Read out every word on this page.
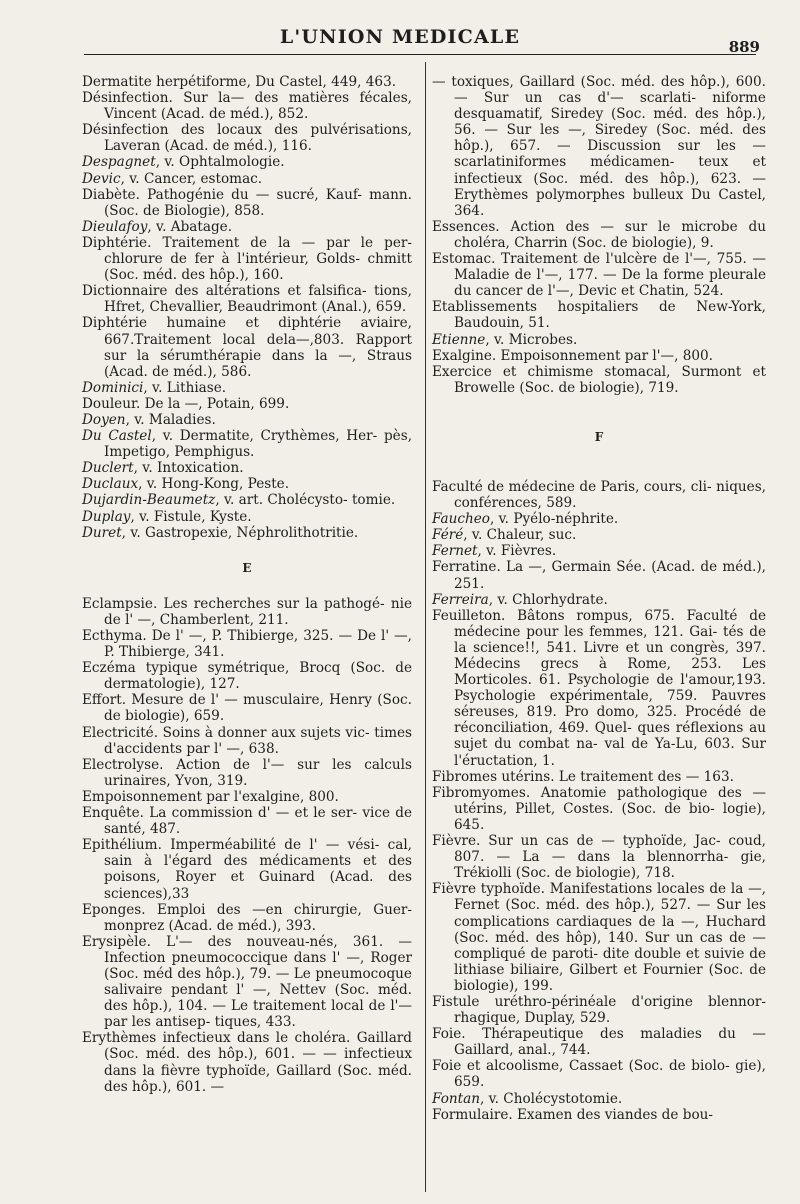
L'UNION MEDICALE	889

Dermatite herpétiforme, Du Castel, 449, 463.

Désinfection. Sur la— des matières fécales, Vincent (Acad. de méd.), 852.

Désinfection des locaux des pulvérisations, Laveran (Acad. de méd.), 116.

Despagnet, v. Ophtalmologie.

Devic, v. Cancer, estomac.

Diabète. Pathogénie du — sucré, Kauf- mann. (Soc. de Biologie), 858.

Dieulafoy, v. Abatage.

Diphtérie. Traitement de la — par le per- chlorure de fer à l'intérieur, Golds- chmitt (Soc. méd. des hôp.), 160.

Dictionnaire des altérations et falsifica- tions, Hfret, Chevallier, Beaudrimont (Anal.), 659.

Diphtérie humaine et diphtérie aviaire, 667.Traitement local dela—,803. Rapport sur la sérumthérapie dans la —, Straus (Acad. de méd.), 586.

Dominici, v. Lithiase.

Douleur. De la —, Potain, 699.

Doyen, v. Maladies.

Du Castel, v. Dermatite, Crythèmes, Her- pès, Impetigo, Pemphigus.

Duclert, v. Intoxication.

Duclaux, v. Hong-Kong, Peste.

Dujardin-Beaumetz, v. art. Cholécysto- tomie.

Duplay, v. Fistule, Kyste.

Duret, v. Gastropexie, Néphrolithotritie.

E

Eclampsie. Les recherches sur la pathogé- nie de l' —, Chamberlent, 211.

Ecthyma. De l' —, P. Thibierge, 325. — De l' —, P. Thibierge, 341.

Eczéma typique symétrique, Brocq (Soc. de dermatologie), 127.

Effort. Mesure de l' — musculaire, Henry (Soc. de biologie), 659.

Electricité. Soins à donner aux sujets vic- times d'accidents par l' —, 638.

Electrolyse. Action de l'— sur les calculs urinaires, Yvon, 319.

Empoisonnement par l'exalgine, 800.

Enquête. La commission d' — et le ser- vice de santé, 487.

Epithélium. Imperméabilité de l' — vési- cal, sain à l'égard des médicaments et des poisons, Royer et Guinard (Acad. des sciences),33

Eponges. Emploi des —en chirurgie, Guer- monprez (Acad. de méd.), 393.

Erysipèle. L'— des nouveau-nés, 361. — Infection pneumococcique dans l' —, Roger (Soc. méd des hôp.), 79. — Le pneumocoque salivaire pendant l' —, Nettev (Soc. méd. des hôp.), 104. — Le traitement local de l'— par les antisep- tiques, 433.

Erythèmes infectieux dans le choléra. Gaillard (Soc. méd. des hôp.), 601. — — infectieux dans la fièvre typhoïde, Gaillard (Soc. méd. des hôp.), 601. —

— toxiques, Gaillard (Soc. méd. des hôp.), 600. — Sur un cas d'— scarlati- niforme desquamatif, Siredey (Soc. méd. des hôp.), 56. — Sur les —, Siredey (Soc. méd. des hôp.), 657. — Discussion sur les — scarlatiniformes médicamen- teux et infectieux (Soc. méd. des hôp.), 623. — Erythèmes polymorphes bulleux Du Castel, 364.

Essences. Action des — sur le microbe du choléra, Charrin (Soc. de biologie), 9.

Estomac. Traitement de l'ulcère de l'—, 755. — Maladie de l'—, 177. — De la forme pleurale du cancer de l'—, Devic et Chatin, 524.

Etablissements hospitaliers de New-York, Baudouin, 51.

Etienne, v. Microbes.

Exalgine. Empoisonnement par l'—, 800.

Exercice et chimisme stomacal, Surmont et Browelle (Soc. de biologie), 719.

F

Faculté de médecine de Paris, cours, cli- niques, conférences, 589.

Faucheo, v. Pyélo-néphrite.

Féré, v. Chaleur, suc.

Fernet, v. Fièvres.

Ferratine. La —, Germain Sée. (Acad. de méd.), 251.

Ferreira, v. Chlorhydrate.

Feuilleton. Bâtons rompus, 675. Faculté de médecine pour les femmes, 121. Gai- tés de la science!!, 541. Livre et un congrès, 397. Médecins grecs à Rome, 253. Les Morticoles. 61. Psychologie de l'amour,193. Psychologie expérimentale, 759. Pauvres séreuses, 819. Pro domo, 325. Procédé de réconciliation, 469. Quel- ques réflexions au sujet du combat na- val de Ya-Lu, 603. Sur l'éructation, 1.

Fibromes utérins. Le traitement des — 163.

Fibromyomes. Anatomie pathologique des — utérins, Pillet, Costes. (Soc. de bio- logie), 645.

Fièvre. Sur un cas de — typhoïde, Jac- coud, 807. — La — dans la blennorrha- gie, Trékiolli (Soc. de biologie), 718.

Fièvre typhoïde. Manifestations locales de la —, Fernet (Soc. méd. des hôp.), 527. — Sur les complications cardiaques de la —, Huchard (Soc. méd. des hôp), 140. Sur un cas de — compliqué de paroti- dite double et suivie de lithiase biliaire, Gilbert et Fournier (Soc. de biologie), 199.

Fistule uréthro-périnéale d'origine blennor- rhagique, Duplay, 529.

Foie. Thérapeutique des maladies du — Gaillard, anal., 744.

Foie et alcoolisme, Cassaet (Soc. de biolo- gie), 659.

Fontan, v. Cholécystotomie.

Formulaire. Examen des viandes de bou-
